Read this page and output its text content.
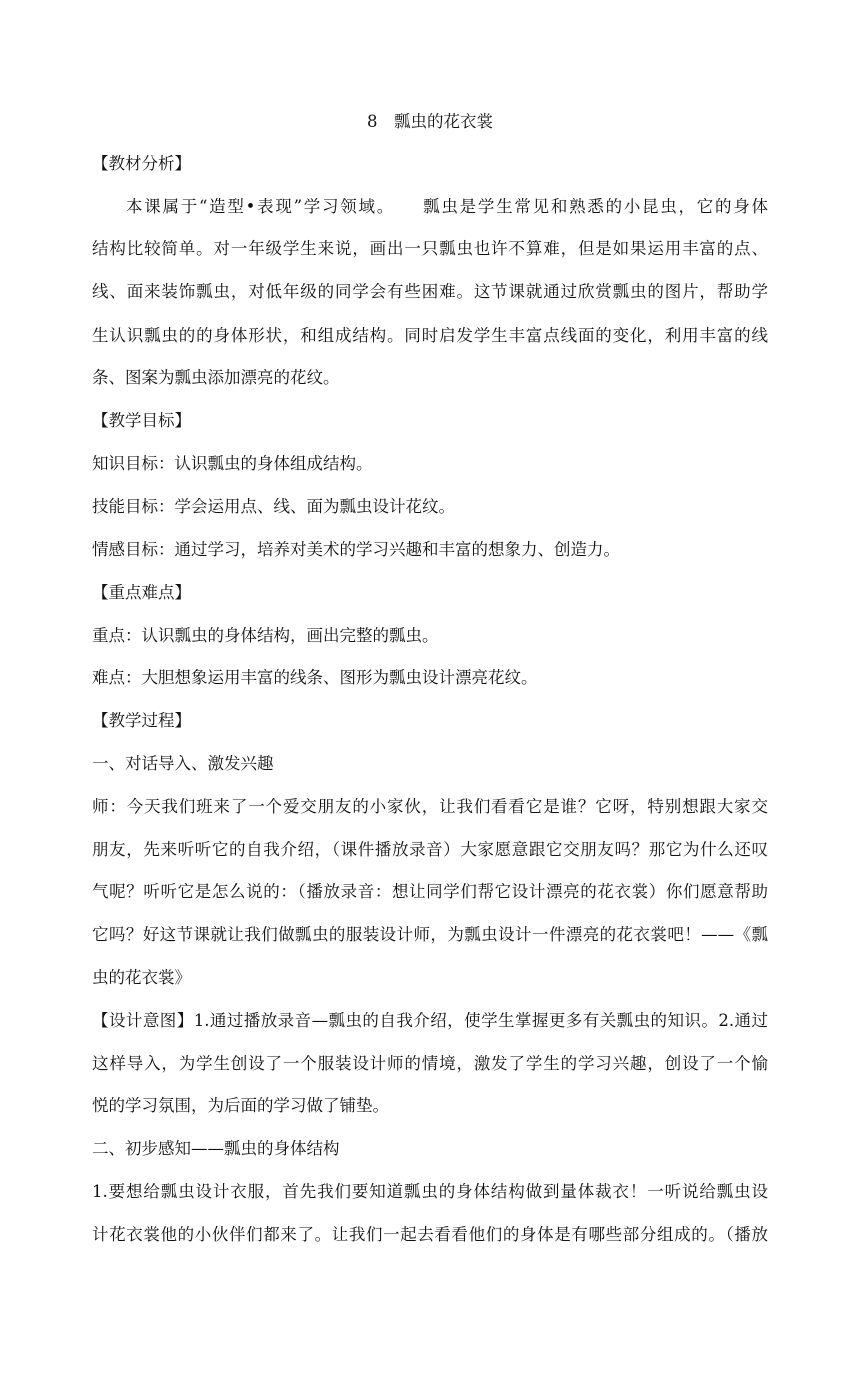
8　瓢虫的花衣裳
【教材分析】
本课属于“造型•表现”学习领域。　　瓢虫是学生常见和熟悉的小昆虫，它的身体
结构比较简单。对一年级学生来说，画出一只瓢虫也许不算难，但是如果运用丰富的点、
线、面来装饰瓢虫，对低年级的同学会有些困难。这节课就通过欣赏瓢虫的图片，帮助学
生认识瓢虫的的身体形状，和组成结构。同时启发学生丰富点线面的变化，利用丰富的线
条、图案为瓢虫添加漂亮的花纹。
【教学目标】
知识目标：认识瓢虫的身体组成结构。
技能目标：学会运用点、线、面为瓢虫设计花纹。
情感目标：通过学习，培养对美术的学习兴趣和丰富的想象力、创造力。
【重点难点】
重点：认识瓢虫的身体结构，画出完整的瓢虫。
难点：大胆想象运用丰富的线条、图形为瓢虫设计漂亮花纹。
【教学过程】
一、对话导入、激发兴趣
师：今天我们班来了一个爱交朋友的小家伙，让我们看看它是谁？它呀，特别想跟大家交
朋友，先来听听它的自我介绍，（课件播放录音）大家愿意跟它交朋友吗？那它为什么还叹
气呢？听听它是怎么说的：（播放录音：想让同学们帮它设计漂亮的花衣裳）你们愿意帮助
它吗？好这节课就让我们做瓢虫的服装设计师，为瓢虫设计一件漂亮的花衣裳吧！——《瓢
虫的花衣裳》
【设计意图】1.通过播放录音—瓢虫的自我介绍，使学生掌握更多有关瓢虫的知识。2.通过
这样导入，为学生创设了一个服装设计师的情境，激发了学生的学习兴趣，创设了一个愉
悦的学习氛围，为后面的学习做了铺垫。
二、初步感知——瓢虫的身体结构
1.要想给瓢虫设计衣服，首先我们要知道瓢虫的身体结构做到量体裁衣！一听说给瓢虫设
计花衣裳他的小伙伴们都来了。让我们一起去看看他们的身体是有哪些部分组成的。（播放
